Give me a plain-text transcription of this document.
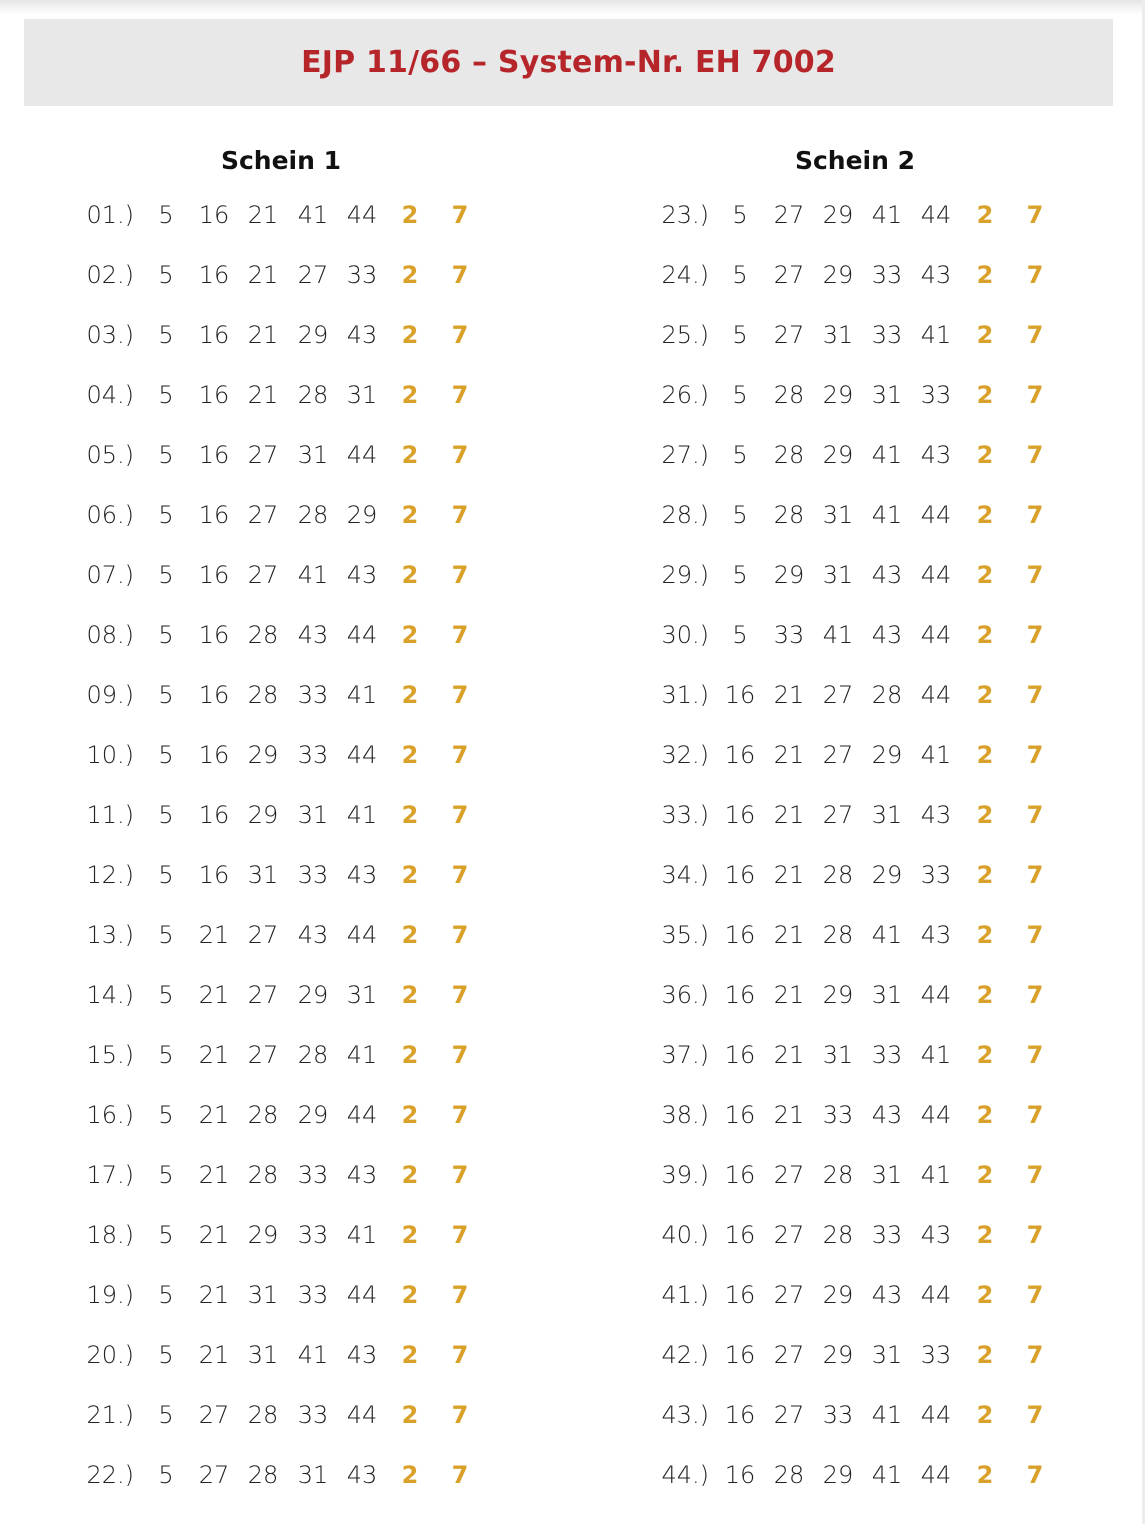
EJP 11/66 – System-Nr. EH 7002
Schein 1
01.) 5 16 21 41 44 2 7
02.) 5 16 21 27 33 2 7
03.) 5 16 21 29 43 2 7
04.) 5 16 21 28 31 2 7
05.) 5 16 27 31 44 2 7
06.) 5 16 27 28 29 2 7
07.) 5 16 27 41 43 2 7
08.) 5 16 28 43 44 2 7
09.) 5 16 28 33 41 2 7
10.) 5 16 29 33 44 2 7
11.) 5 16 29 31 41 2 7
12.) 5 16 31 33 43 2 7
13.) 5 21 27 43 44 2 7
14.) 5 21 27 29 31 2 7
15.) 5 21 27 28 41 2 7
16.) 5 21 28 29 44 2 7
17.) 5 21 28 33 43 2 7
18.) 5 21 29 33 41 2 7
19.) 5 21 31 33 44 2 7
20.) 5 21 31 41 43 2 7
21.) 5 27 28 33 44 2 7
22.) 5 27 28 31 43 2 7
Schein 2
23.) 5 27 29 41 44 2 7
24.) 5 27 29 33 43 2 7
25.) 5 27 31 33 41 2 7
26.) 5 28 29 31 33 2 7
27.) 5 28 29 41 43 2 7
28.) 5 28 31 41 44 2 7
29.) 5 29 31 43 44 2 7
30.) 5 33 41 43 44 2 7
31.) 16 21 27 28 44 2 7
32.) 16 21 27 29 41 2 7
33.) 16 21 27 31 43 2 7
34.) 16 21 28 29 33 2 7
35.) 16 21 28 41 43 2 7
36.) 16 21 29 31 44 2 7
37.) 16 21 31 33 41 2 7
38.) 16 21 33 43 44 2 7
39.) 16 27 28 31 41 2 7
40.) 16 27 28 33 43 2 7
41.) 16 27 29 43 44 2 7
42.) 16 27 29 31 33 2 7
43.) 16 27 33 41 44 2 7
44.) 16 28 29 41 44 2 7
